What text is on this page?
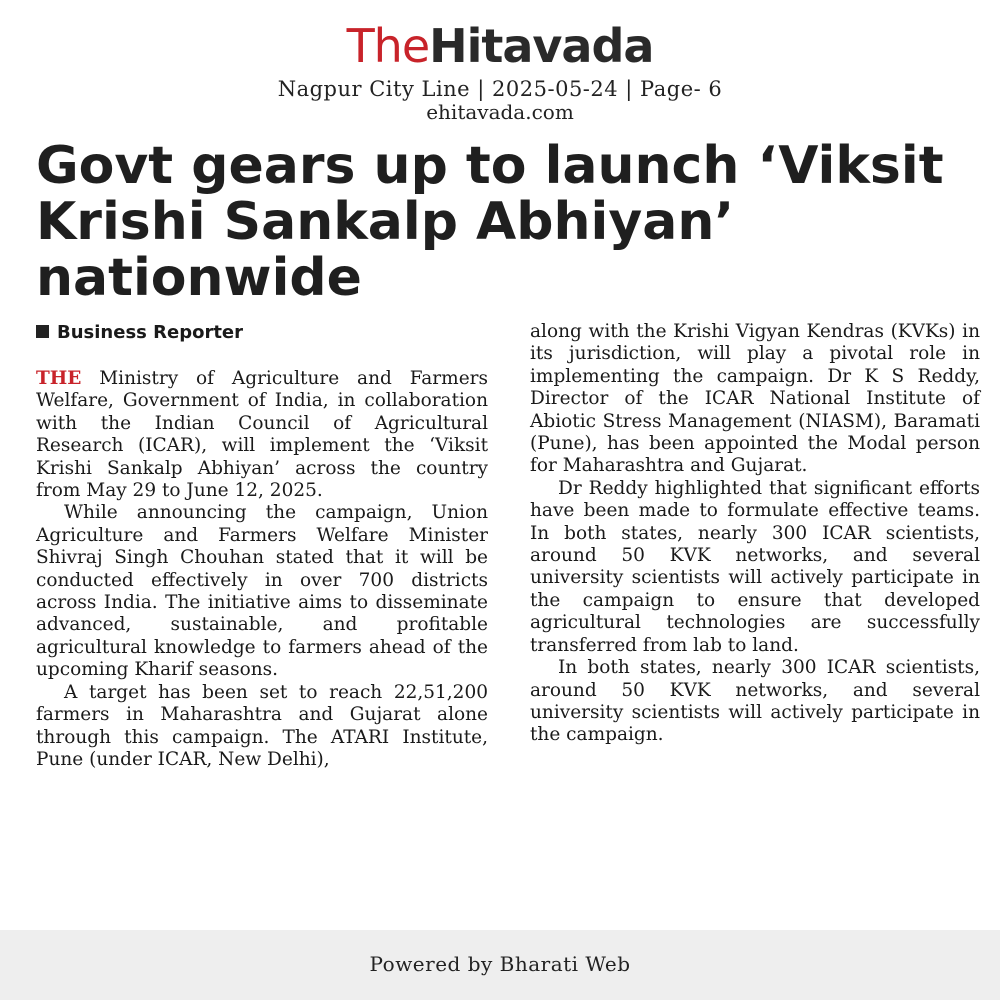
TheHitavada
Nagpur City Line | 2025-05-24 | Page- 6
ehitavada.com
Govt gears up to launch ‘Viksit Krishi Sankalp Abhiyan’ nationwide
Business Reporter

THE Ministry of Agriculture and Farmers Welfare, Government of India, in collaboration with the Indian Council of Agricultural Research (ICAR), will implement the ‘Viksit Krishi Sankalp Abhiyan’ across the country from May 29 to June 12, 2025.

While announcing the campaign, Union Agriculture and Farmers Welfare Minister Shivraj Singh Chouhan stated that it will be conducted effectively in over 700 districts across India. The initiative aims to disseminate advanced, sustainable, and profitable agricultural knowledge to farmers ahead of the upcoming Kharif seasons.

A target has been set to reach 22,51,200 farmers in Maharashtra and Gujarat alone through this campaign. The ATARI Institute, Pune (under ICAR, New Delhi),

along with the Krishi Vigyan Kendras (KVKs) in its jurisdiction, will play a pivotal role in implementing the campaign. Dr K S Reddy, Director of the ICAR National Institute of Abiotic Stress Management (NIASM), Baramati (Pune), has been appointed the Modal person for Maharashtra and Gujarat.

Dr Reddy highlighted that significant efforts have been made to formulate effective teams. In both states, nearly 300 ICAR scientists, around 50 KVK networks, and several university scientists will actively participate in the campaign to ensure that developed agricultural technologies are successfully transferred from lab to land.

In both states, nearly 300 ICAR scientists, around 50 KVK networks, and several university scientists will actively participate in the campaign.

Powered by Bharati Web
